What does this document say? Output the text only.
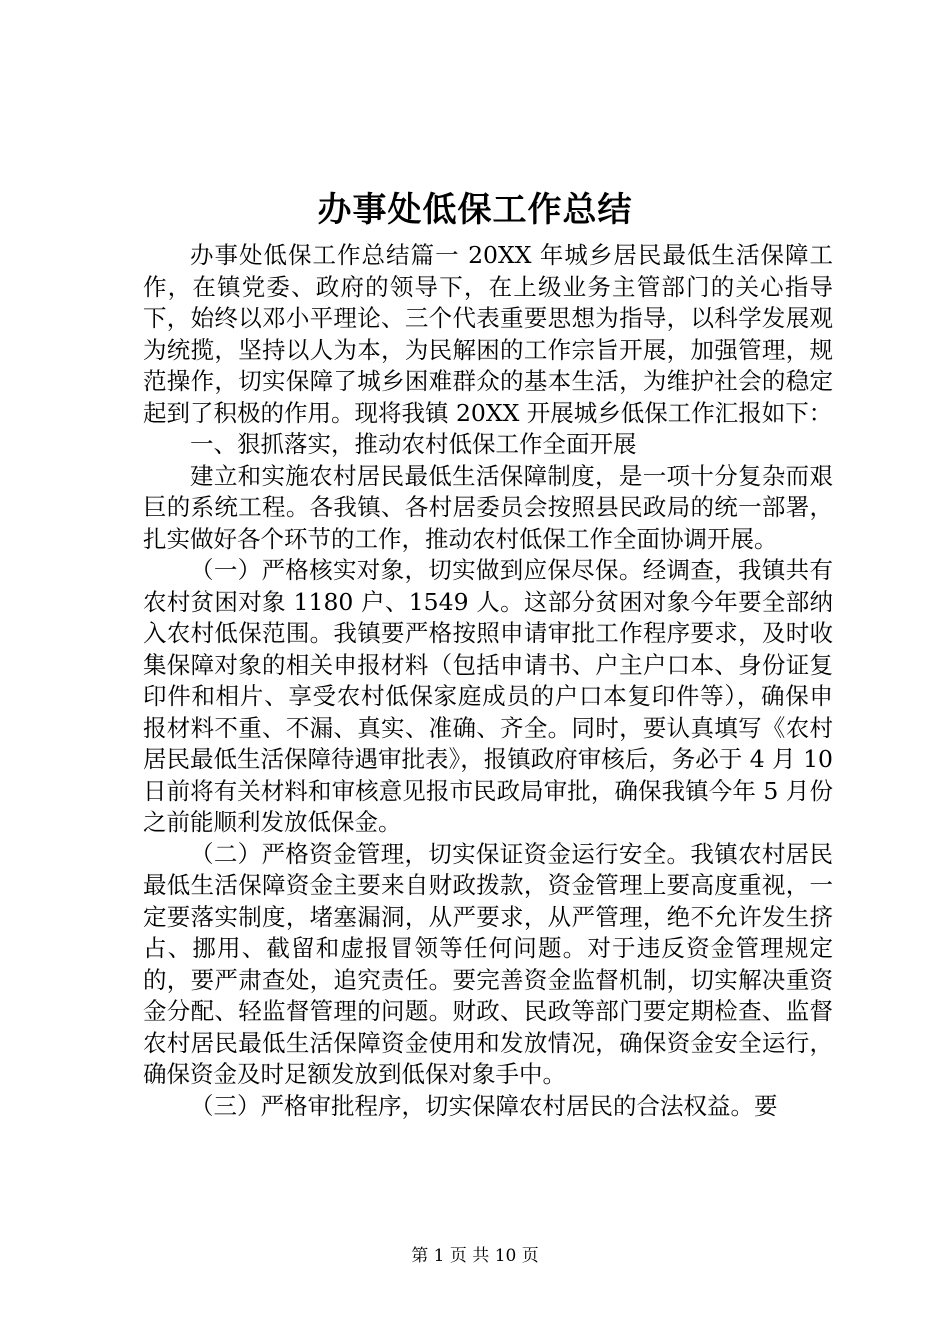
办事处低保工作总结

办事处低保工作总结篇一 20XX 年城乡居民最低生活保障工作，在镇党委、政府的领导下，在上级业务主管部门的关心指导下，始终以邓小平理论、三个代表重要思想为指导，以科学发展观为统揽，坚持以人为本，为民解困的工作宗旨开展，加强管理，规范操作，切实保障了城乡困难群众的基本生活，为维护社会的稳定起到了积极的作用。现将我镇 20XX 开展城乡低保工作汇报如下：

一、狠抓落实，推动农村低保工作全面开展

建立和实施农村居民最低生活保障制度，是一项十分复杂而艰巨的系统工程。各我镇、各村居委员会按照县民政局的统一部署，扎实做好各个环节的工作，推动农村低保工作全面协调开展。

（一）严格核实对象，切实做到应保尽保。经调查，我镇共有农村贫困对象 1180 户、1549 人。这部分贫困对象今年要全部纳入农村低保范围。我镇要严格按照申请审批工作程序要求，及时收集保障对象的相关申报材料（包括申请书、户主户口本、身份证复印件和相片、享受农村低保家庭成员的户口本复印件等），确保申报材料不重、不漏、真实、准确、齐全。同时，要认真填写《农村居民最低生活保障待遇审批表》，报镇政府审核后，务必于 4 月 10 日前将有关材料和审核意见报市民政局审批，确保我镇今年 5 月份之前能顺利发放低保金。

（二）严格资金管理，切实保证资金运行安全。我镇农村居民最低生活保障资金主要来自财政拨款，资金管理上要高度重视，一定要落实制度，堵塞漏洞，从严要求，从严管理，绝不允许发生挤占、挪用、截留和虚报冒领等任何问题。对于违反资金管理规定的，要严肃查处，追究责任。要完善资金监督机制，切实解决重资金分配、轻监督管理的问题。财政、民政等部门要定期检查、监督农村居民最低生活保障资金使用和发放情况，确保资金安全运行，确保资金及时足额发放到低保对象手中。

（三）严格审批程序，切实保障农村居民的合法权益。要

第 1 页 共 10 页
